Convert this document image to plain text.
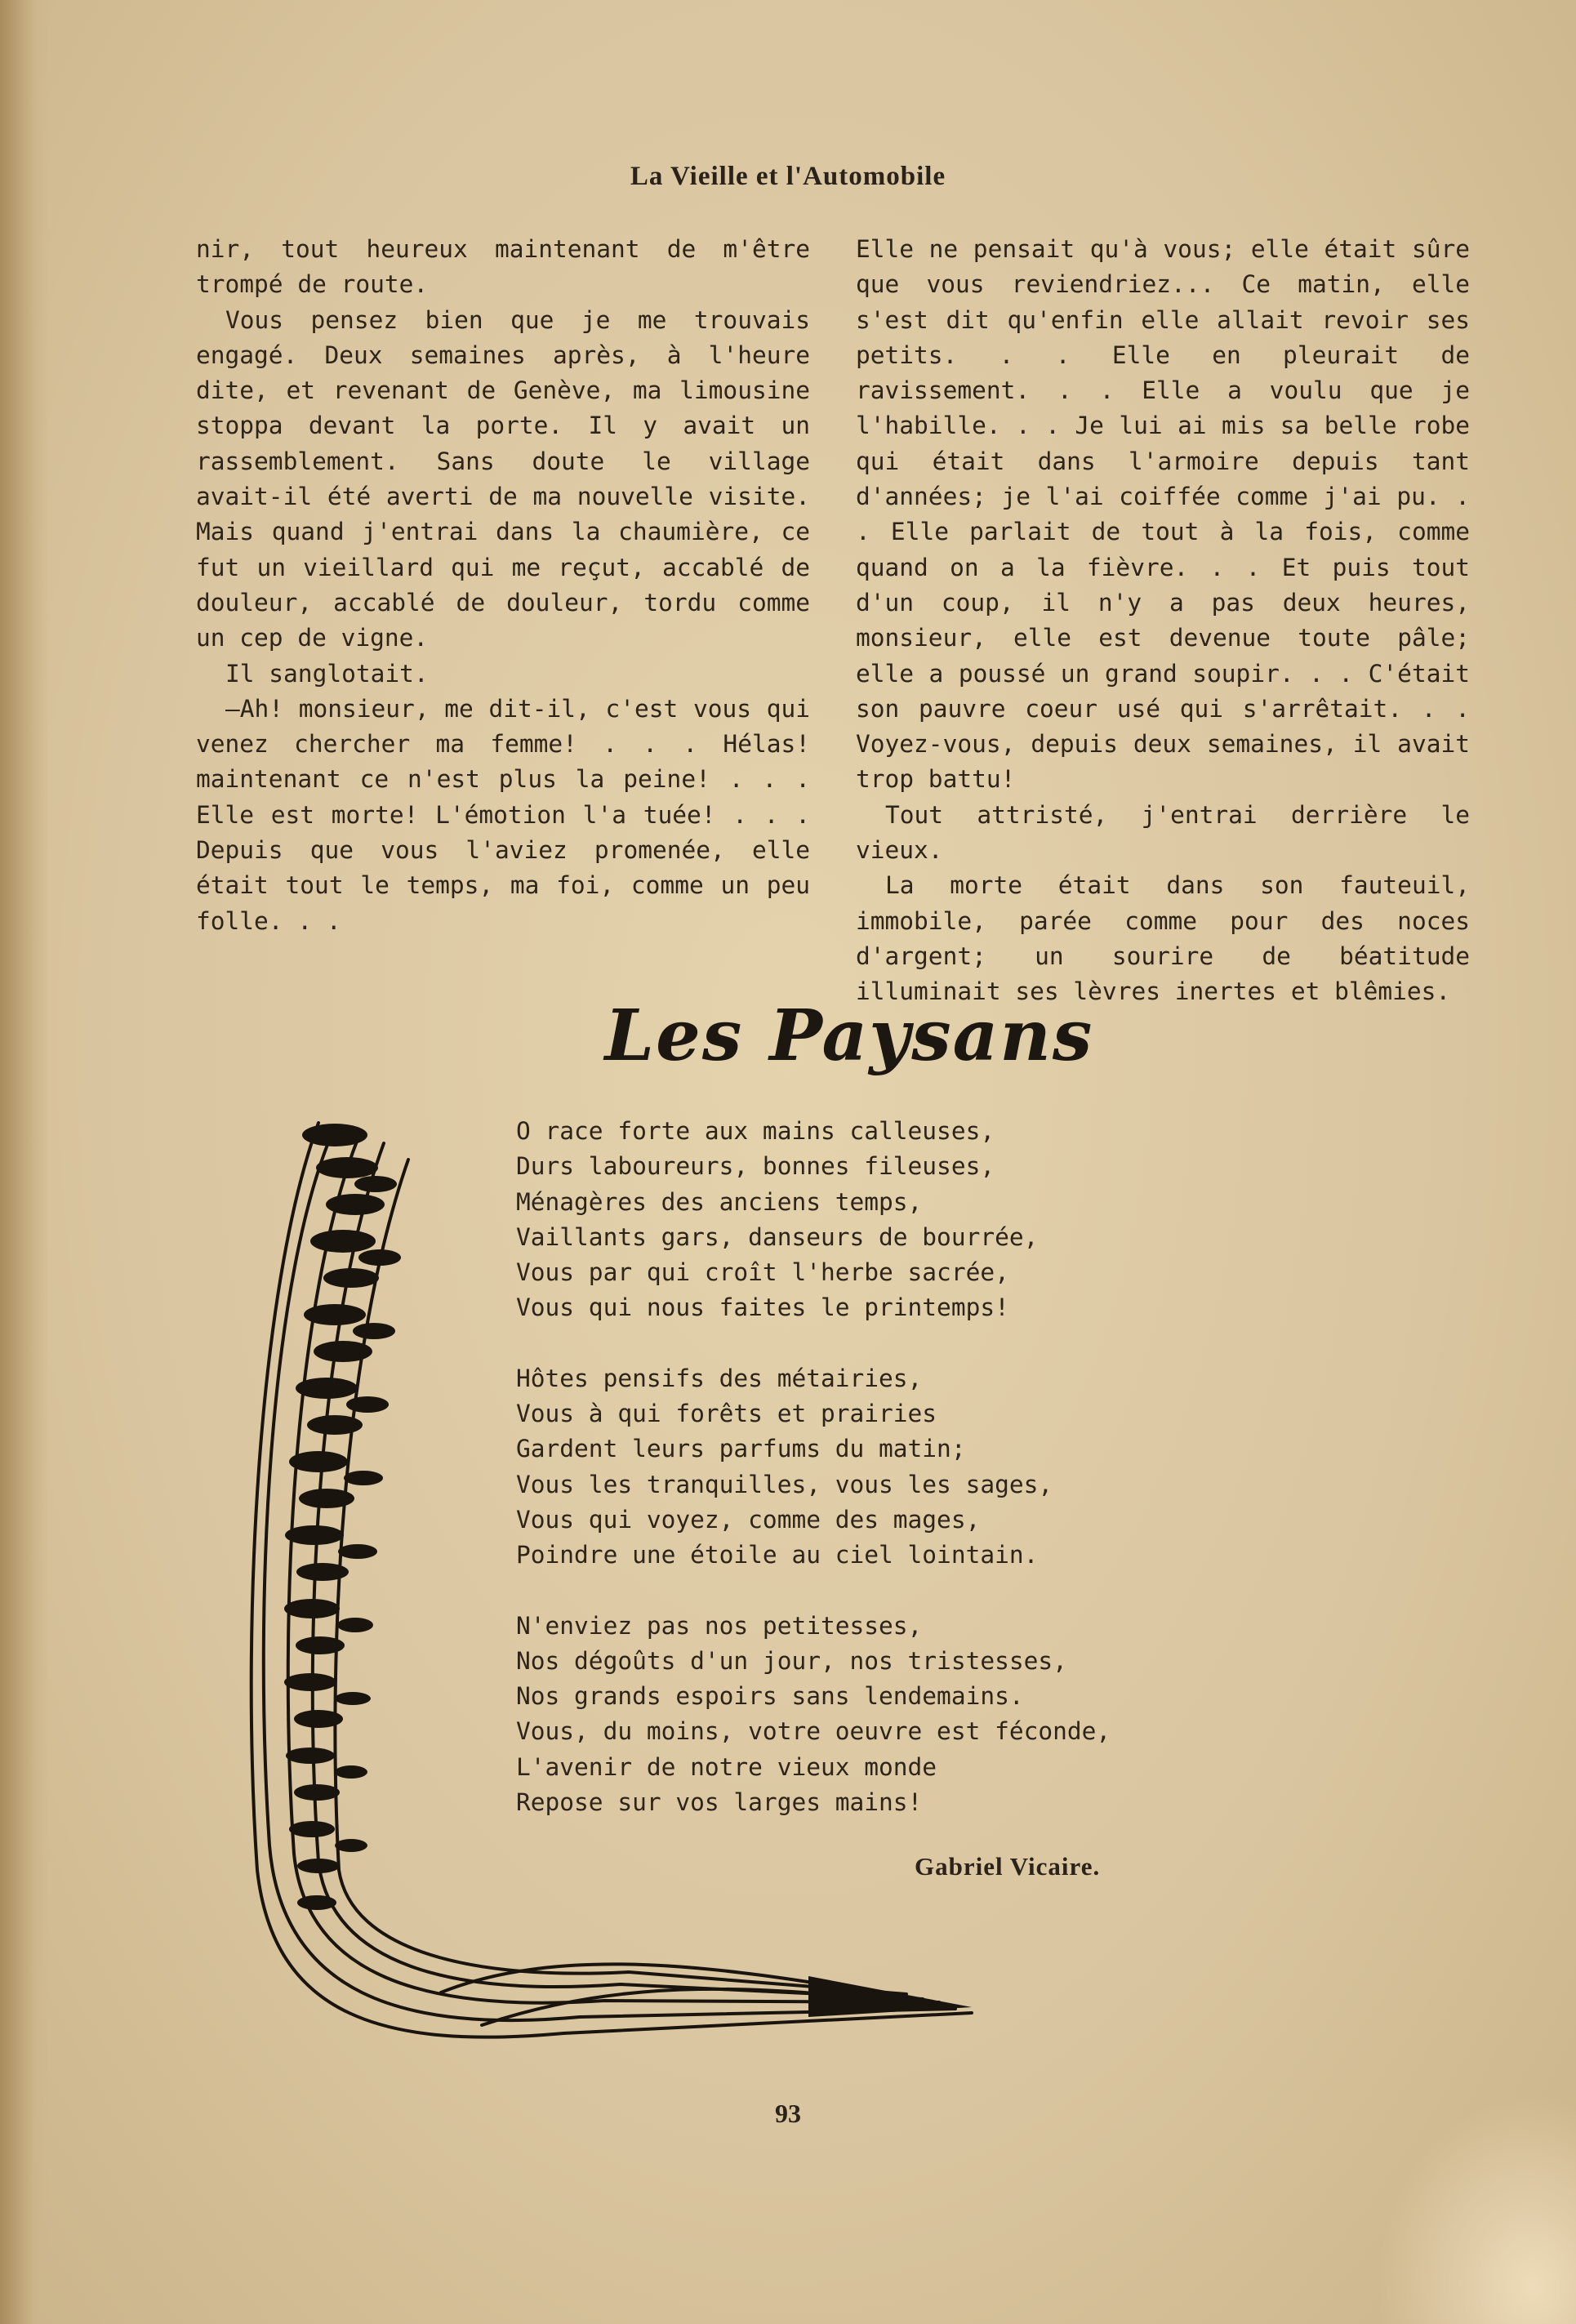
La Vieille et l'Automobile

nir, tout heureux maintenant de m'être trompé de route.

Vous pensez bien que je me trouvais engagé. Deux semaines après, à l'heure dite, et revenant de Genève, ma limousine stoppa devant la porte. Il y avait un rassemblement. Sans doute le village avait-il été averti de ma nouvelle visite. Mais quand j'entrai dans la chaumière, ce fut un vieillard qui me reçut, accablé de douleur, accablé de douleur, tordu comme un cep de vigne.

Il sanglotait.

—Ah! monsieur, me dit-il, c'est vous qui venez chercher ma femme! . . . Hélas! maintenant ce n'est plus la peine! . . . Elle est morte! L'émotion l'a tuée! . . . Depuis que vous l'aviez promenée, elle était tout le temps, ma foi, comme un peu folle. . .

Elle ne pensait qu'à vous; elle était sûre que vous reviendriez... Ce matin, elle s'est dit qu'enfin elle allait revoir ses petits. . . Elle en pleurait de ravissement. . . Elle a voulu que je l'habille. . . Je lui ai mis sa belle robe qui était dans l'armoire depuis tant d'années; je l'ai coiffée comme j'ai pu. . . Elle parlait de tout à la fois, comme quand on a la fièvre. . . Et puis tout d'un coup, il n'y a pas deux heures, monsieur, elle est devenue toute pâle; elle a poussé un grand soupir. . . C'était son pauvre coeur usé qui s'arrêtait. . . Voyez-vous, depuis deux semaines, il avait trop battu!

Tout attristé, j'entrai derrière le vieux.

La morte était dans son fauteuil, immobile, parée comme pour des noces d'argent; un sourire de béatitude illuminait ses lèvres inertes et blêmies.

Les Paysans
O race forte aux mains calleuses,
Durs laboureurs, bonnes fileuses,
Ménagères des anciens temps,
Vaillants gars, danseurs de bourrée,
Vous par qui croît l'herbe sacrée,
Vous qui nous faites le printemps!
Hôtes pensifs des métairies,
Vous à qui forêts et prairies
Gardent leurs parfums du matin;
Vous les tranquilles, vous les sages,
Vous qui voyez, comme des mages,
Poindre une étoile au ciel lointain.
N'enviez pas nos petitesses,
Nos dégoûts d'un jour, nos tristesses,
Nos grands espoirs sans lendemains.
Vous, du moins, votre oeuvre est féconde,
L'avenir de notre vieux monde
Repose sur vos larges mains!
Gabriel Vicaire.
93
